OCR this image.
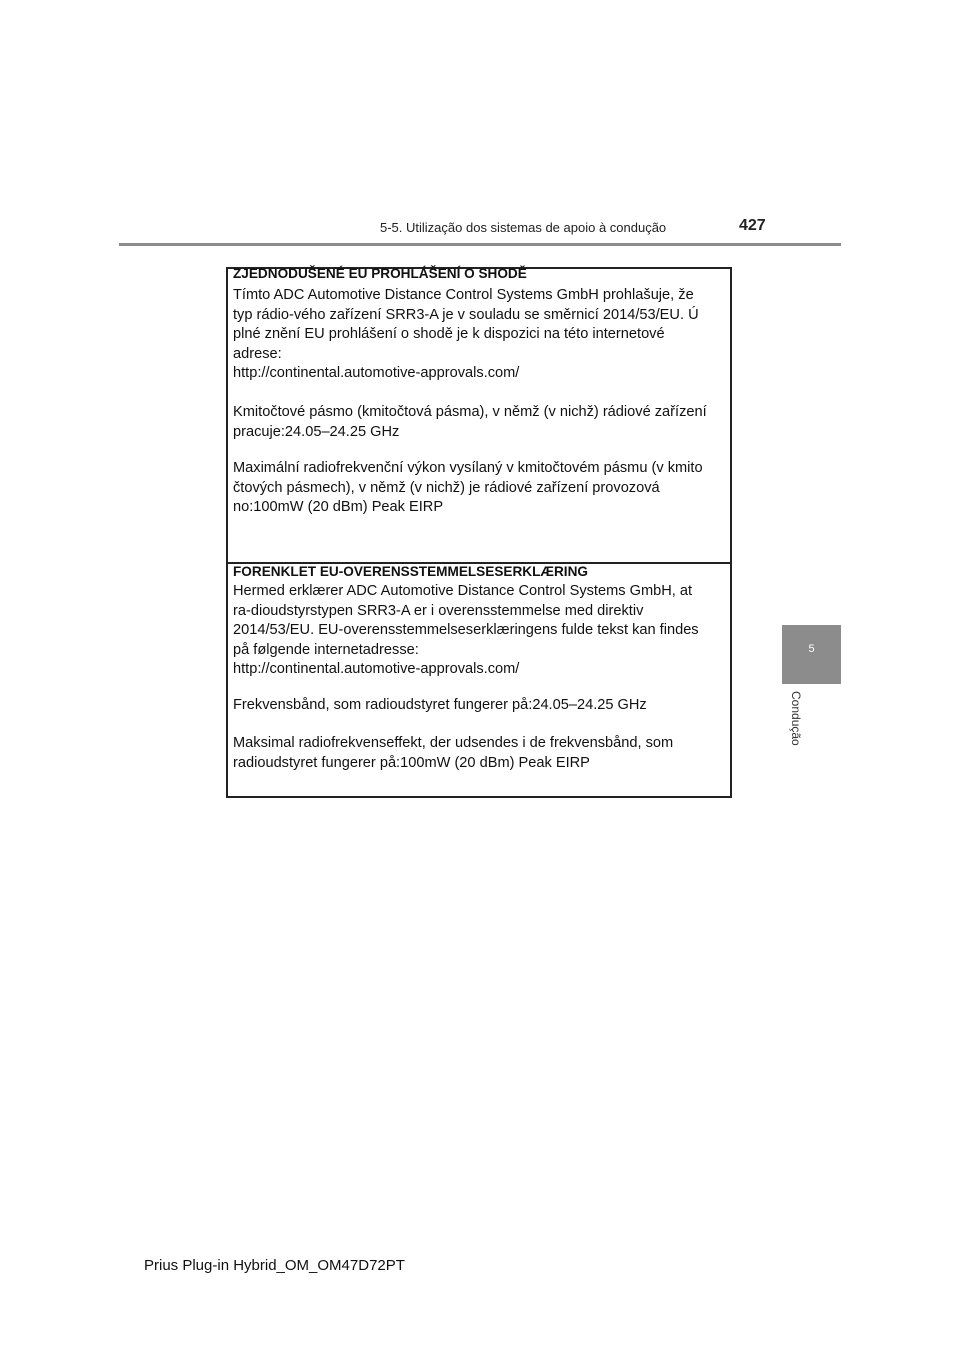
5-5. Utilização dos sistemas de apoio à condução	427
5
Condução
ZJEDNODUŠENÉ EU PROHLÁŠENÍ O SHODĚ
Tímto ADC Automotive Distance Control Systems GmbH prohlašuje, že
typ rádio-vého zařízení SRR3-A je v souladu se směrnicí 2014/53/EU. Ú
plné znění EU prohlášení o shodě je k dispozici na této internetové
adrese:
http://continental.automotive-approvals.com/
Kmitočtové pásmo (kmitočtová pásma), v němž (v nichž) rádiové zařízení
pracuje:24.05–24.25 GHz
Maximální radiofrekvenční výkon vysílaný v kmitočtovém pásmu (v kmito
čtových pásmech), v němž (v nichž) je rádiové zařízení provozová
no:100mW (20 dBm) Peak EIRP
FORENKLET EU-OVERENSSTEMMELSESERKLÆRING
Hermed erklærer ADC Automotive Distance Control Systems GmbH, at
ra-dioudstyrstypen SRR3-A er i overensstemmelse med direktiv
2014/53/EU. EU-overensstemmelseserklæringens fulde tekst kan findes
på følgende internetadresse:
http://continental.automotive-approvals.com/
Frekvensbånd, som radioudstyret fungerer på:24.05–24.25 GHz
Maksimal radiofrekvenseffekt, der udsendes i de frekvensbånd, som
radioudstyret fungerer på:100mW (20 dBm) Peak EIRP
Prius Plug-in Hybrid_OM_OM47D72PT
